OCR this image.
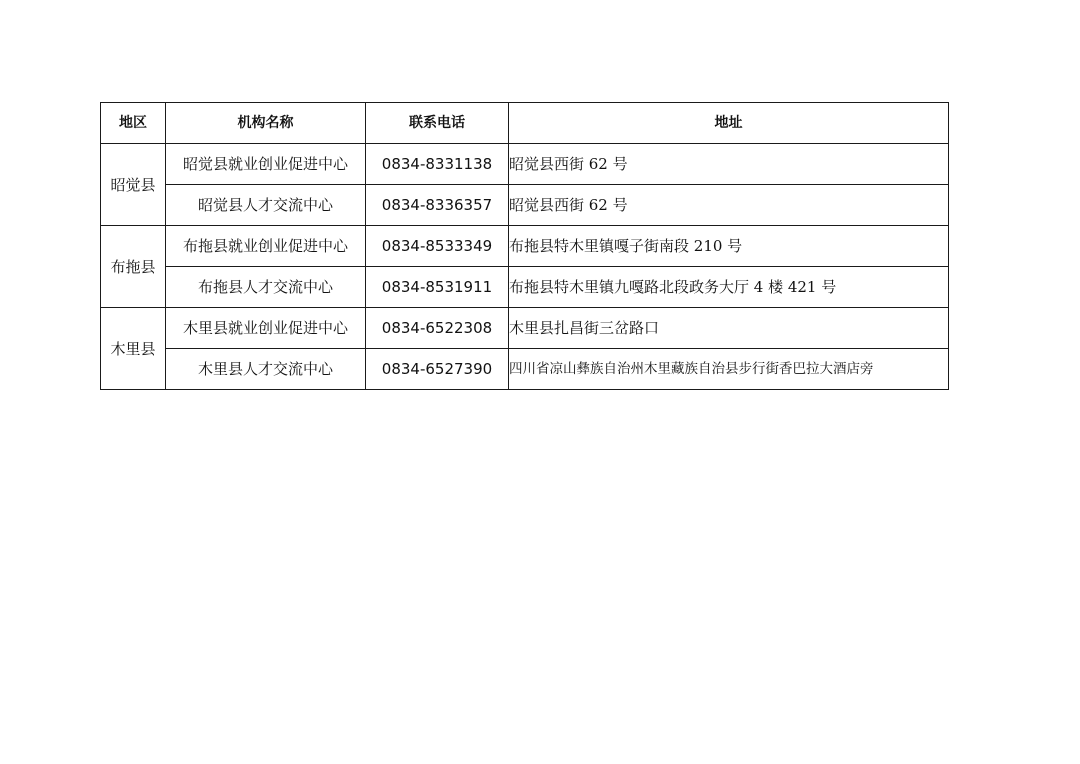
地区	机构名称	联系电话	地址
昭觉县	昭觉县就业创业促进中心	0834-8331138	昭觉县西街 62 号
	昭觉县人才交流中心	0834-8336357	昭觉县西街 62 号
布拖县	布拖县就业创业促进中心	0834-8533349	布拖县特木里镇嘎子街南段 210 号
	布拖县人才交流中心	0834-8531911	布拖县特木里镇九嘎路北段政务大厅 4 楼 421 号
木里县	木里县就业创业促进中心	0834-6522308	木里县扎昌街三岔路口
	木里县人才交流中心	0834-6527390	四川省凉山彝族自治州木里藏族自治县步行街香巴拉大酒店旁
